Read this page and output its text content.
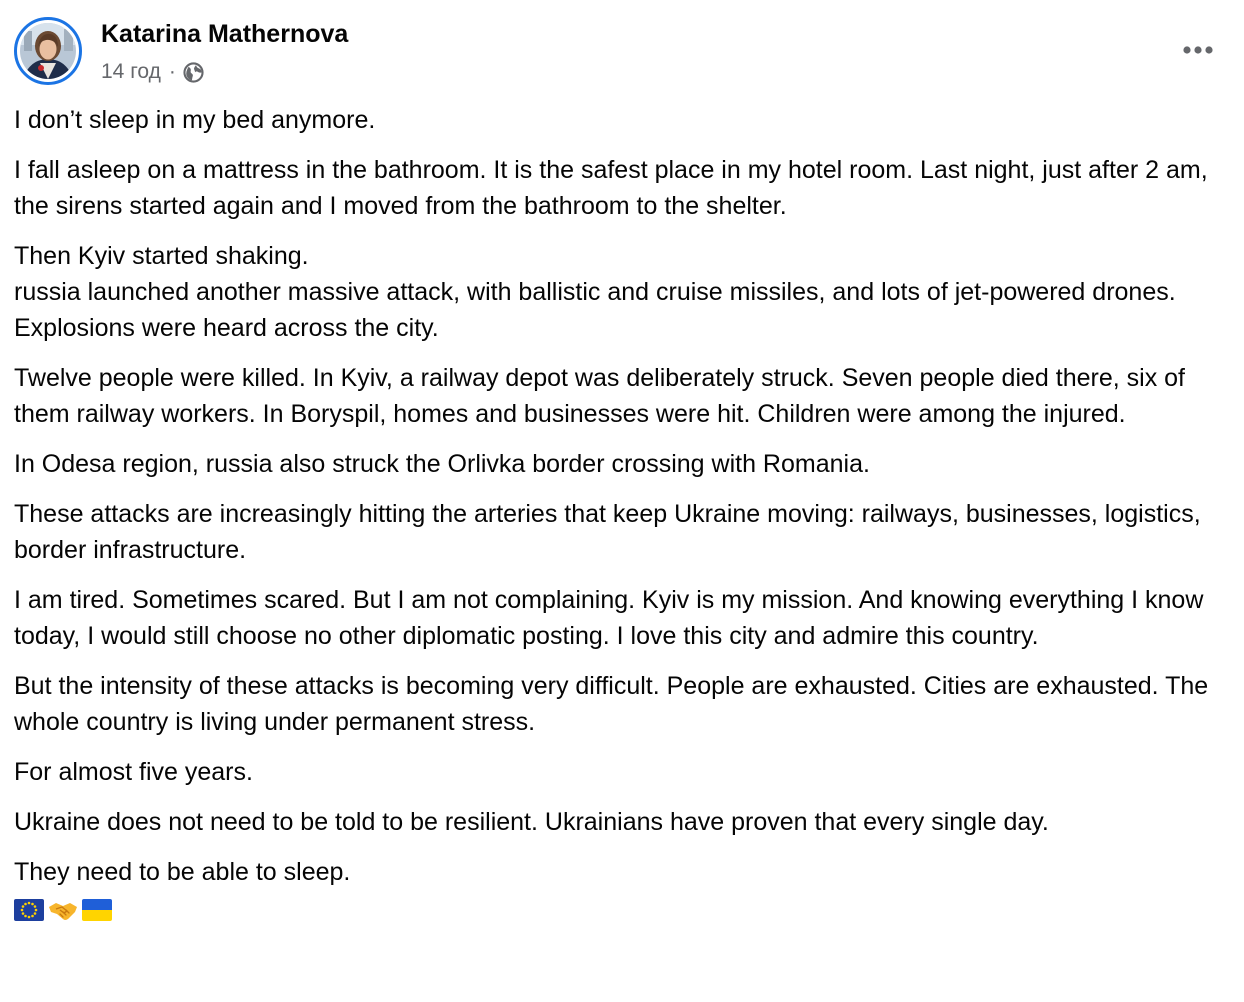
Katarina Mathernova
14 год ·

I don’t sleep in my bed anymore.

I fall asleep on a mattress in the bathroom. It is the safest place in my hotel room. Last night, just after 2 am, the sirens started again and I moved from the bathroom to the shelter.

Then Kyiv started shaking.
russia launched another massive attack, with ballistic and cruise missiles, and lots of jet-powered drones. Explosions were heard across the city.

Twelve people were killed. In Kyiv, a railway depot was deliberately struck. Seven people died there, six of them railway workers. In Boryspil, homes and businesses were hit. Children were among the injured.

In Odesa region, russia also struck the Orlivka border crossing with Romania.

These attacks are increasingly hitting the arteries that keep Ukraine moving: railways, businesses, logistics, border infrastructure.

I am tired. Sometimes scared. But I am not complaining. Kyiv is my mission. And knowing everything I know today, I would still choose no other diplomatic posting. I love this city and admire this country.

But the intensity of these attacks is becoming very difficult. People are exhausted. Cities are exhausted. The whole country is living under permanent stress.

For almost five years.

Ukraine does not need to be told to be resilient. Ukrainians have proven that every single day.

They need to be able to sleep.
